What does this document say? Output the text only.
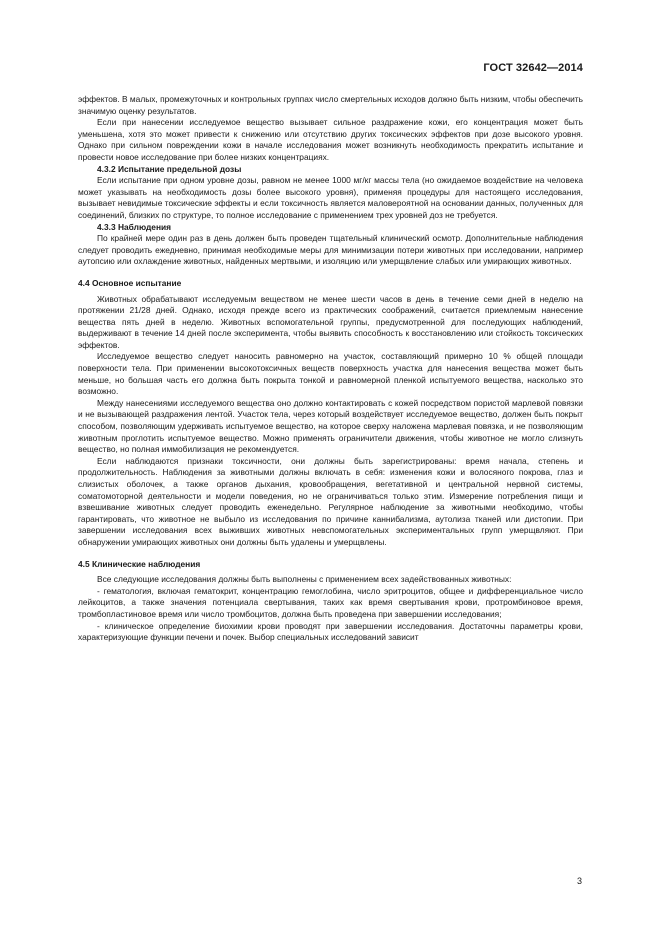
ГОСТ 32642—2014

эффектов. В малых, промежуточных и контрольных группах число смертельных исходов должно быть низким, чтобы обеспечить значимую оценку результатов.

Если при нанесении исследуемое вещество вызывает сильное раздражение кожи, его концентрация может быть уменьшена, хотя это может привести к снижению или отсутствию других токсических эффектов при дозе высокого уровня. Однако при сильном повреждении кожи в начале исследования может возникнуть необходимость прекратить испытание и провести новое исследование при более низких концентрациях.

4.3.2 Испытание предельной дозы

Если испытание при одном уровне дозы, равном не менее 1000 мг/кг массы тела (но ожидаемое воздействие на человека может указывать на необходимость дозы более высокого уровня), применяя процедуры для настоящего исследования, вызывает невидимые токсические эффекты и если токсичность является маловероятной на основании данных, полученных для соединений, близких по структуре, то полное исследование с применением трех уровней доз не требуется.

4.3.3 Наблюдения

По крайней мере один раз в день должен быть проведен тщательный клинический осмотр. Дополнительные наблюдения следует проводить ежедневно, принимая необходимые меры для минимизации потери животных при исследовании, например аутопсию или охлаждение животных, найденных мертвыми, и изоляцию или умерщвление слабых или умирающих животных.

4.4 Основное испытание

Животных обрабатывают исследуемым веществом не менее шести часов в день в течение семи дней в неделю на протяжении 21/28 дней. Однако, исходя прежде всего из практических соображений, считается приемлемым нанесение вещества пять дней в неделю. Животных вспомогательной группы, предусмотренной для последующих наблюдений, выдерживают в течение 14 дней после эксперимента, чтобы выявить способность к восстановлению или стойкость токсических эффектов.

Исследуемое вещество следует наносить равномерно на участок, составляющий примерно 10 % общей площади поверхности тела. При применении высокотоксичных веществ поверхность участка для нанесения вещества может быть меньше, но большая часть его должна быть покрыта тонкой и равномерной пленкой испытуемого вещества, насколько это возможно.

Между нанесениями исследуемого вещества оно должно контактировать с кожей посредством пористой марлевой повязки и не вызывающей раздражения лентой. Участок тела, через который воздействует исследуемое вещество, должен быть покрыт способом, позволяющим удерживать испытуемое вещество, на которое сверху наложена марлевая повязка, и не позволяющим животным проглотить испытуемое вещество. Можно применять ограничители движения, чтобы животное не могло слизнуть вещество, но полная иммобилизация не рекомендуется.

Если наблюдаются признаки токсичности, они должны быть зарегистрированы: время начала, степень и продолжительность. Наблюдения за животными должны включать в себя: изменения кожи и волосяного покрова, глаз и слизистых оболочек, а также органов дыхания, кровообращения, вегетативной и центральной нервной системы, соматомоторной деятельности и модели поведения, но не ограничиваться только этим. Измерение потребления пищи и взвешивание животных следует проводить еженедельно. Регулярное наблюдение за животными необходимо, чтобы гарантировать, что животное не выбыло из исследования по причине каннибализма, аутолиза тканей или дистопии. При завершении исследования всех выживших животных невспомогательных экспериментальных групп умерщвляют. При обнаружении умирающих животных они должны быть удалены и умерщвлены.

4.5 Клинические наблюдения

Все следующие исследования должны быть выполнены с применением всех задействованных животных:

- гематология, включая гематокрит, концентрацию гемоглобина, число эритроцитов, общее и дифференциальное число лейкоцитов, а также значения потенциала свертывания, таких как время свертывания крови, протромбиновое время, тромбопластиновое время или число тромбоцитов, должна быть проведена при завершении исследования;

- клиническое определение биохимии крови проводят при завершении исследования. Достаточны параметры крови, характеризующие функции печени и почек. Выбор специальных исследований зависит

3
